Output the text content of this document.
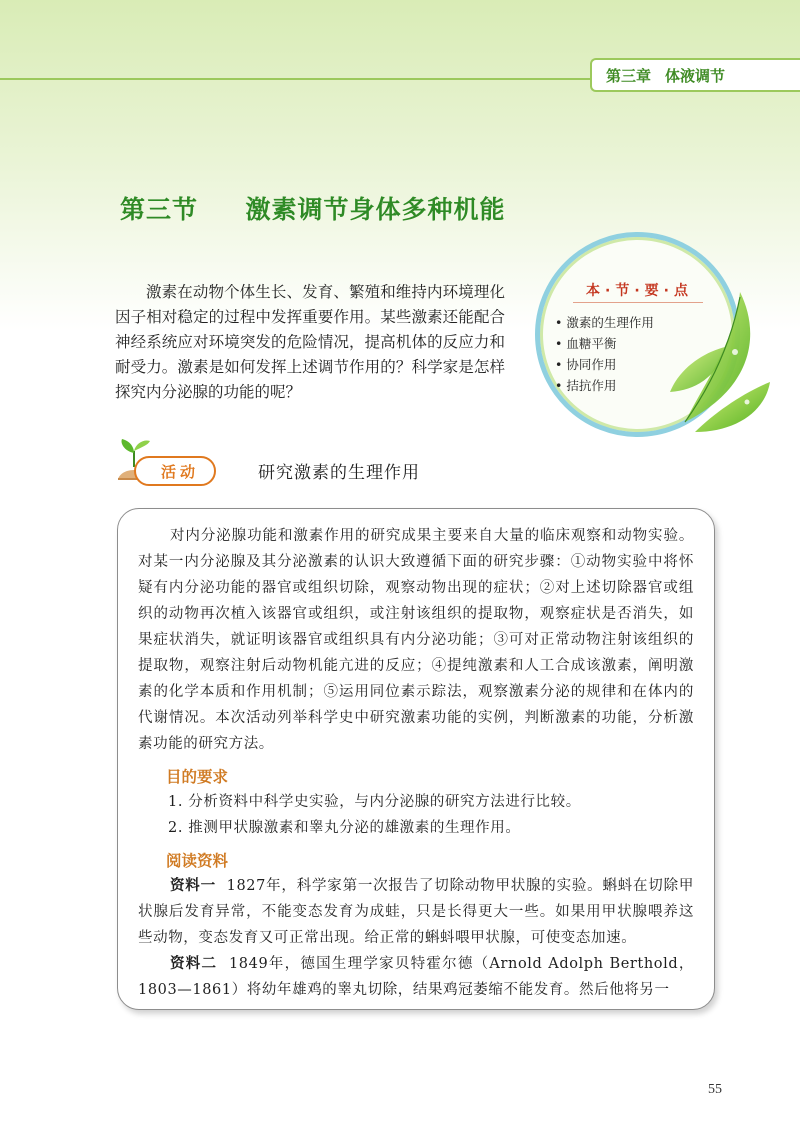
第三章 体液调节
第三节 激素调节身体多种机能

激素在动物个体生长、发育、繁殖和维持内环境理化因子相对稳定的过程中发挥重要作用。某些激素还能配合神经系统应对环境突发的危险情况，提高机体的反应力和耐受力。激素是如何发挥上述调节作用的？科学家是怎样探究内分泌腺的功能的呢？

本 · 节 · 要 · 点
• 激素的生理作用
• 血糖平衡
• 协同作用
• 拮抗作用
活动	研究激素的生理作用

对内分泌腺功能和激素作用的研究成果主要来自大量的临床观察和动物实验。对某一内分泌腺及其分泌激素的认识大致遵循下面的研究步骤：①动物实验中将怀疑有内分泌功能的器官或组织切除，观察动物出现的症状；②对上述切除器官或组织的动物再次植入该器官或组织，或注射该组织的提取物，观察症状是否消失，如果症状消失，就证明该器官或组织具有内分泌功能；③可对正常动物注射该组织的提取物，观察注射后动物机能亢进的反应；④提纯激素和人工合成该激素，阐明激素的化学本质和作用机制；⑤运用同位素示踪法，观察激素分泌的规律和在体内的代谢情况。本次活动列举科学史中研究激素功能的实例，判断激素的功能，分析激素功能的研究方法。

目的要求
1. 分析资料中科学史实验，与内分泌腺的研究方法进行比较。
2. 推测甲状腺激素和睾丸分泌的雄激素的生理作用。
阅读资料

资料一 1827年，科学家第一次报告了切除动物甲状腺的实验。蝌蚪在切除甲状腺后发育异常，不能变态发育为成蛙，只是长得更大一些。如果用甲状腺喂养这些动物，变态发育又可正常出现。给正常的蝌蚪喂甲状腺，可使变态加速。

资料二 1849年，德国生理学家贝特霍尔德（Arnold Adolph Berthold，1803—1861）将幼年雄鸡的睾丸切除，结果鸡冠萎缩不能发育。然后他将另一

55
